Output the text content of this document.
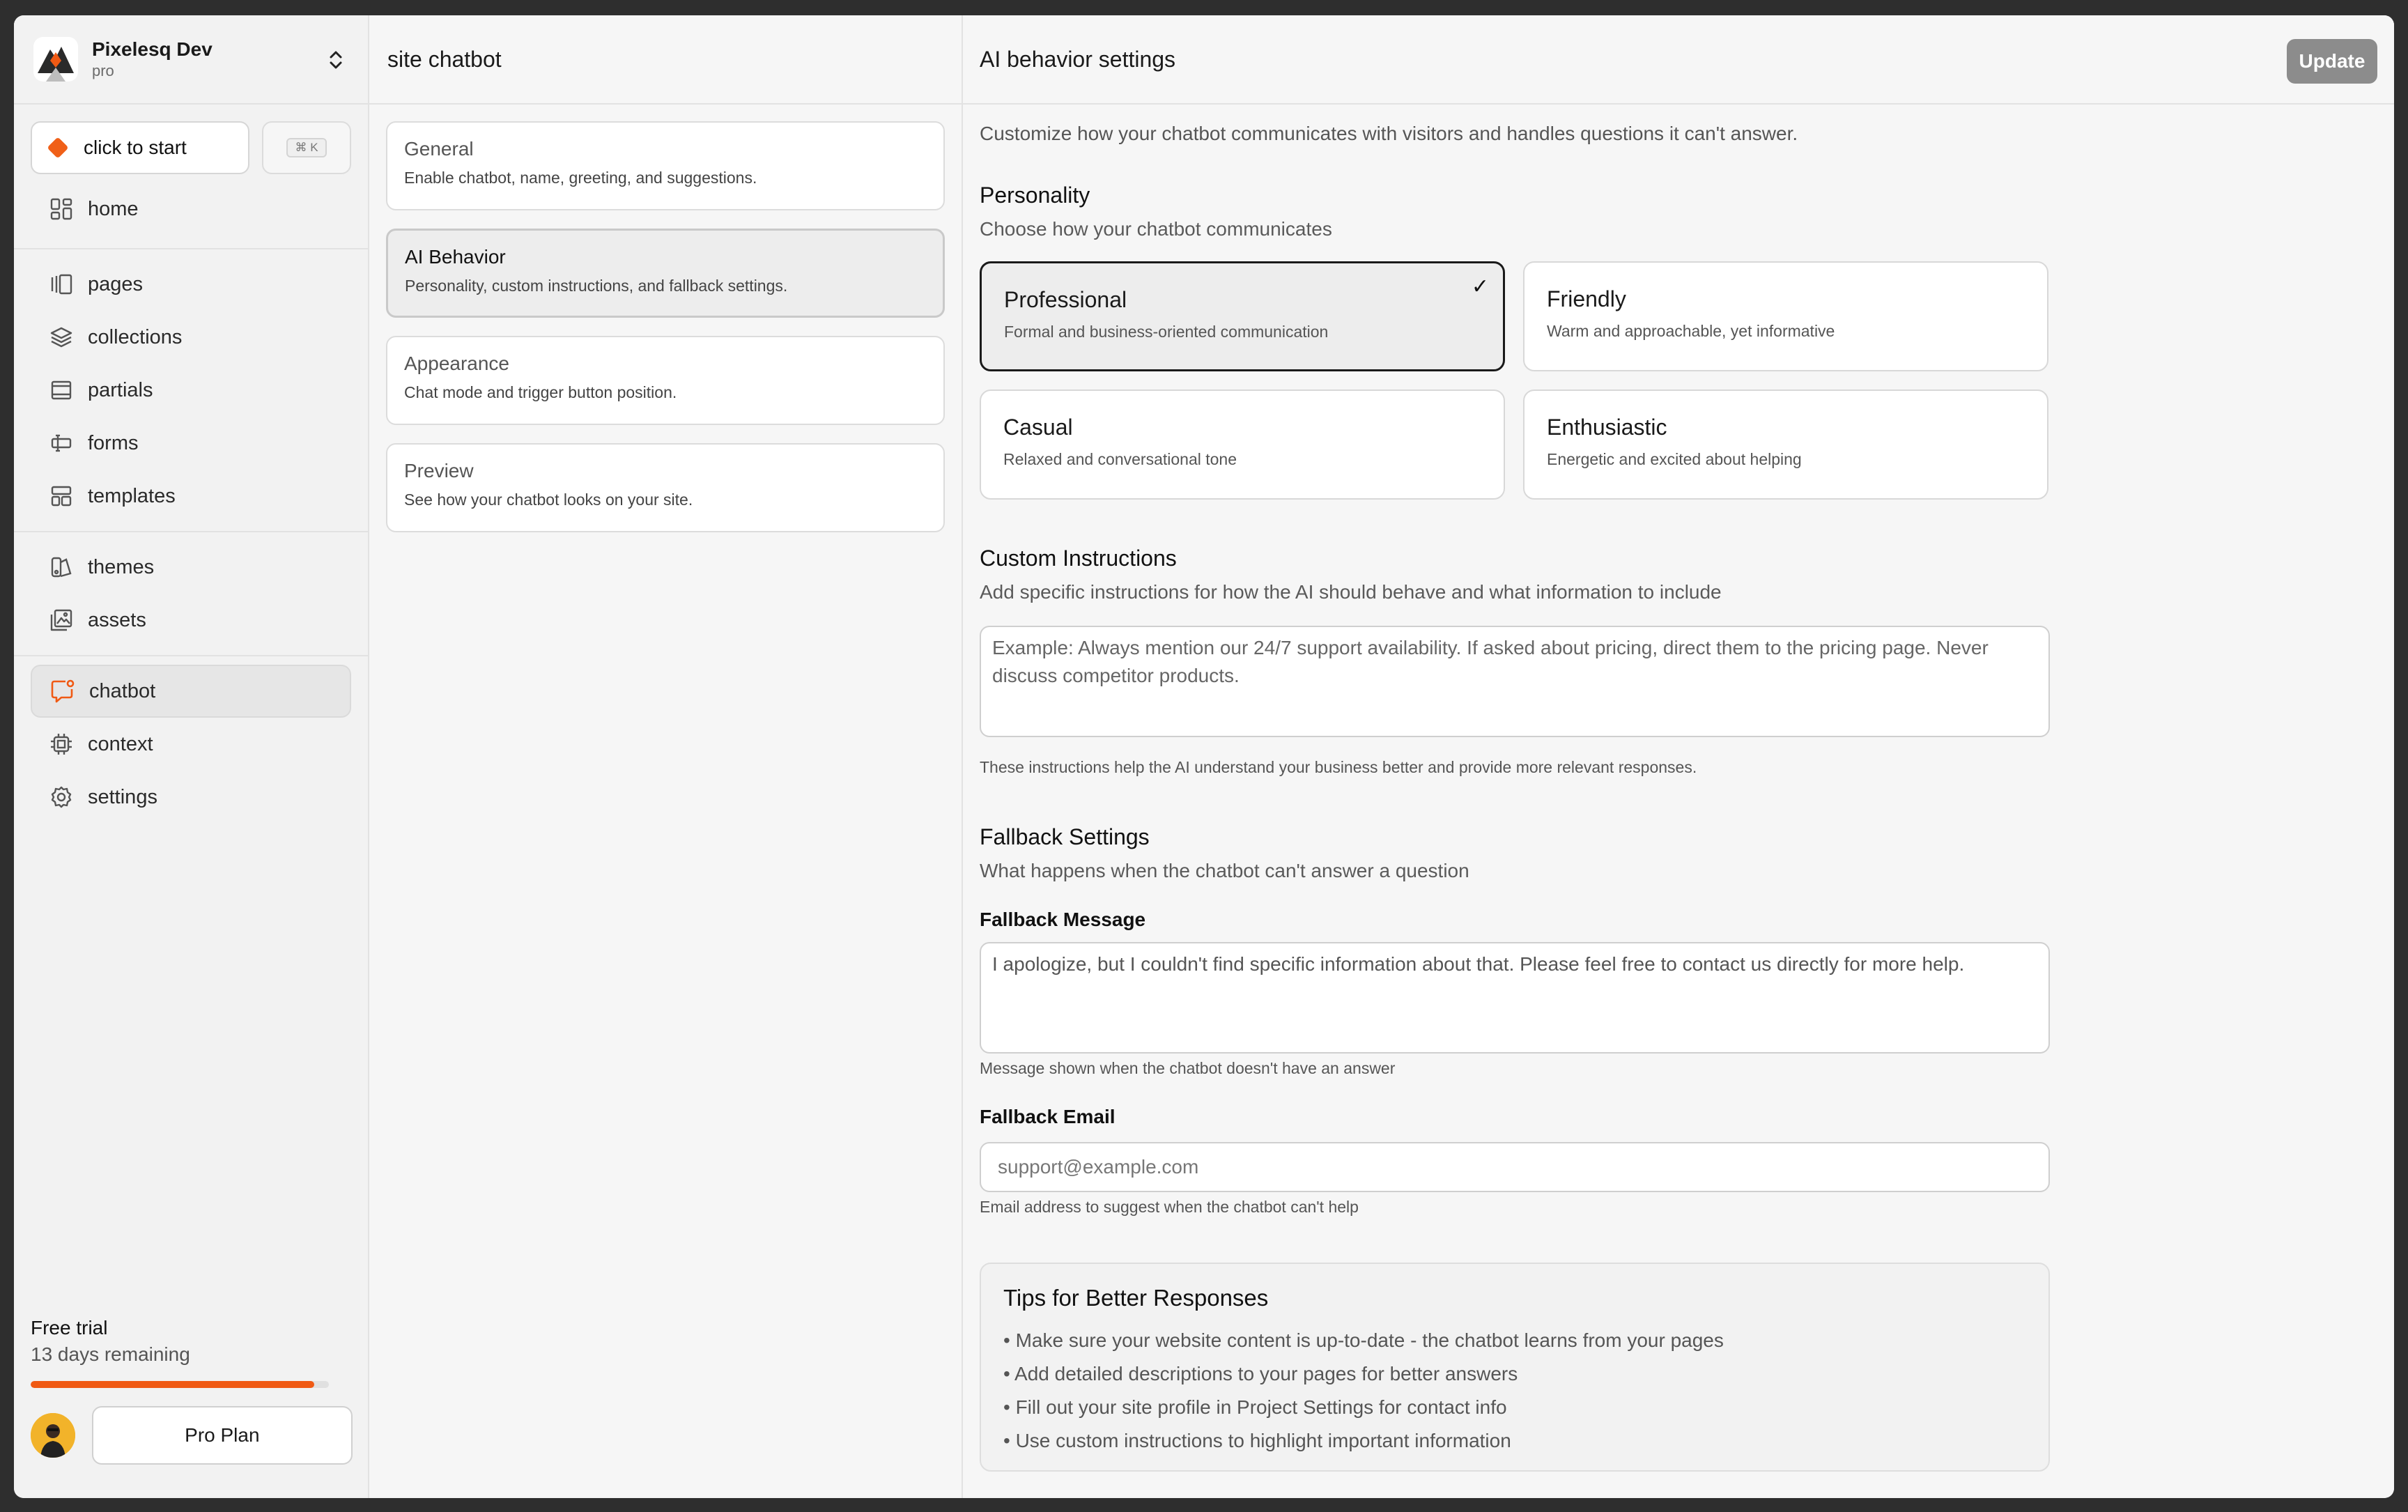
Pixelesq Dev
pro
click to start	⌘ K
home
pages
collections
partials
forms
templates
themes
assets
chatbot
context
settings
Free trial
13 days remaining
Pro Plan
site chatbot
General
Enable chatbot, name, greeting, and suggestions.
AI Behavior
Personality, custom instructions, and fallback settings.
Appearance
Chat mode and trigger button position.
Preview
See how your chatbot looks on your site.
AI behavior settings	Update
Customize how your chatbot communicates with visitors and handles questions it can't answer.
Personality
Choose how your chatbot communicates
✓
Professional
Formal and business-oriented communication
Friendly
Warm and approachable, yet informative
Casual
Relaxed and conversational tone
Enthusiastic
Energetic and excited about helping
Custom Instructions
Add specific instructions for how the AI should behave and what information to include
Example: Always mention our 24/7 support availability. If asked about pricing, direct them to the pricing page. Never discuss competitor products.
These instructions help the AI understand your business better and provide more relevant responses.
Fallback Settings
What happens when the chatbot can't answer a question
Fallback Message
I apologize, but I couldn't find specific information about that. Please feel free to contact us directly for more help.
Message shown when the chatbot doesn't have an answer
Fallback Email
support@example.com
Email address to suggest when the chatbot can't help
Tips for Better Responses
• Make sure your website content is up-to-date - the chatbot learns from your pages
• Add detailed descriptions to your pages for better answers
• Fill out your site profile in Project Settings for contact info
• Use custom instructions to highlight important information
